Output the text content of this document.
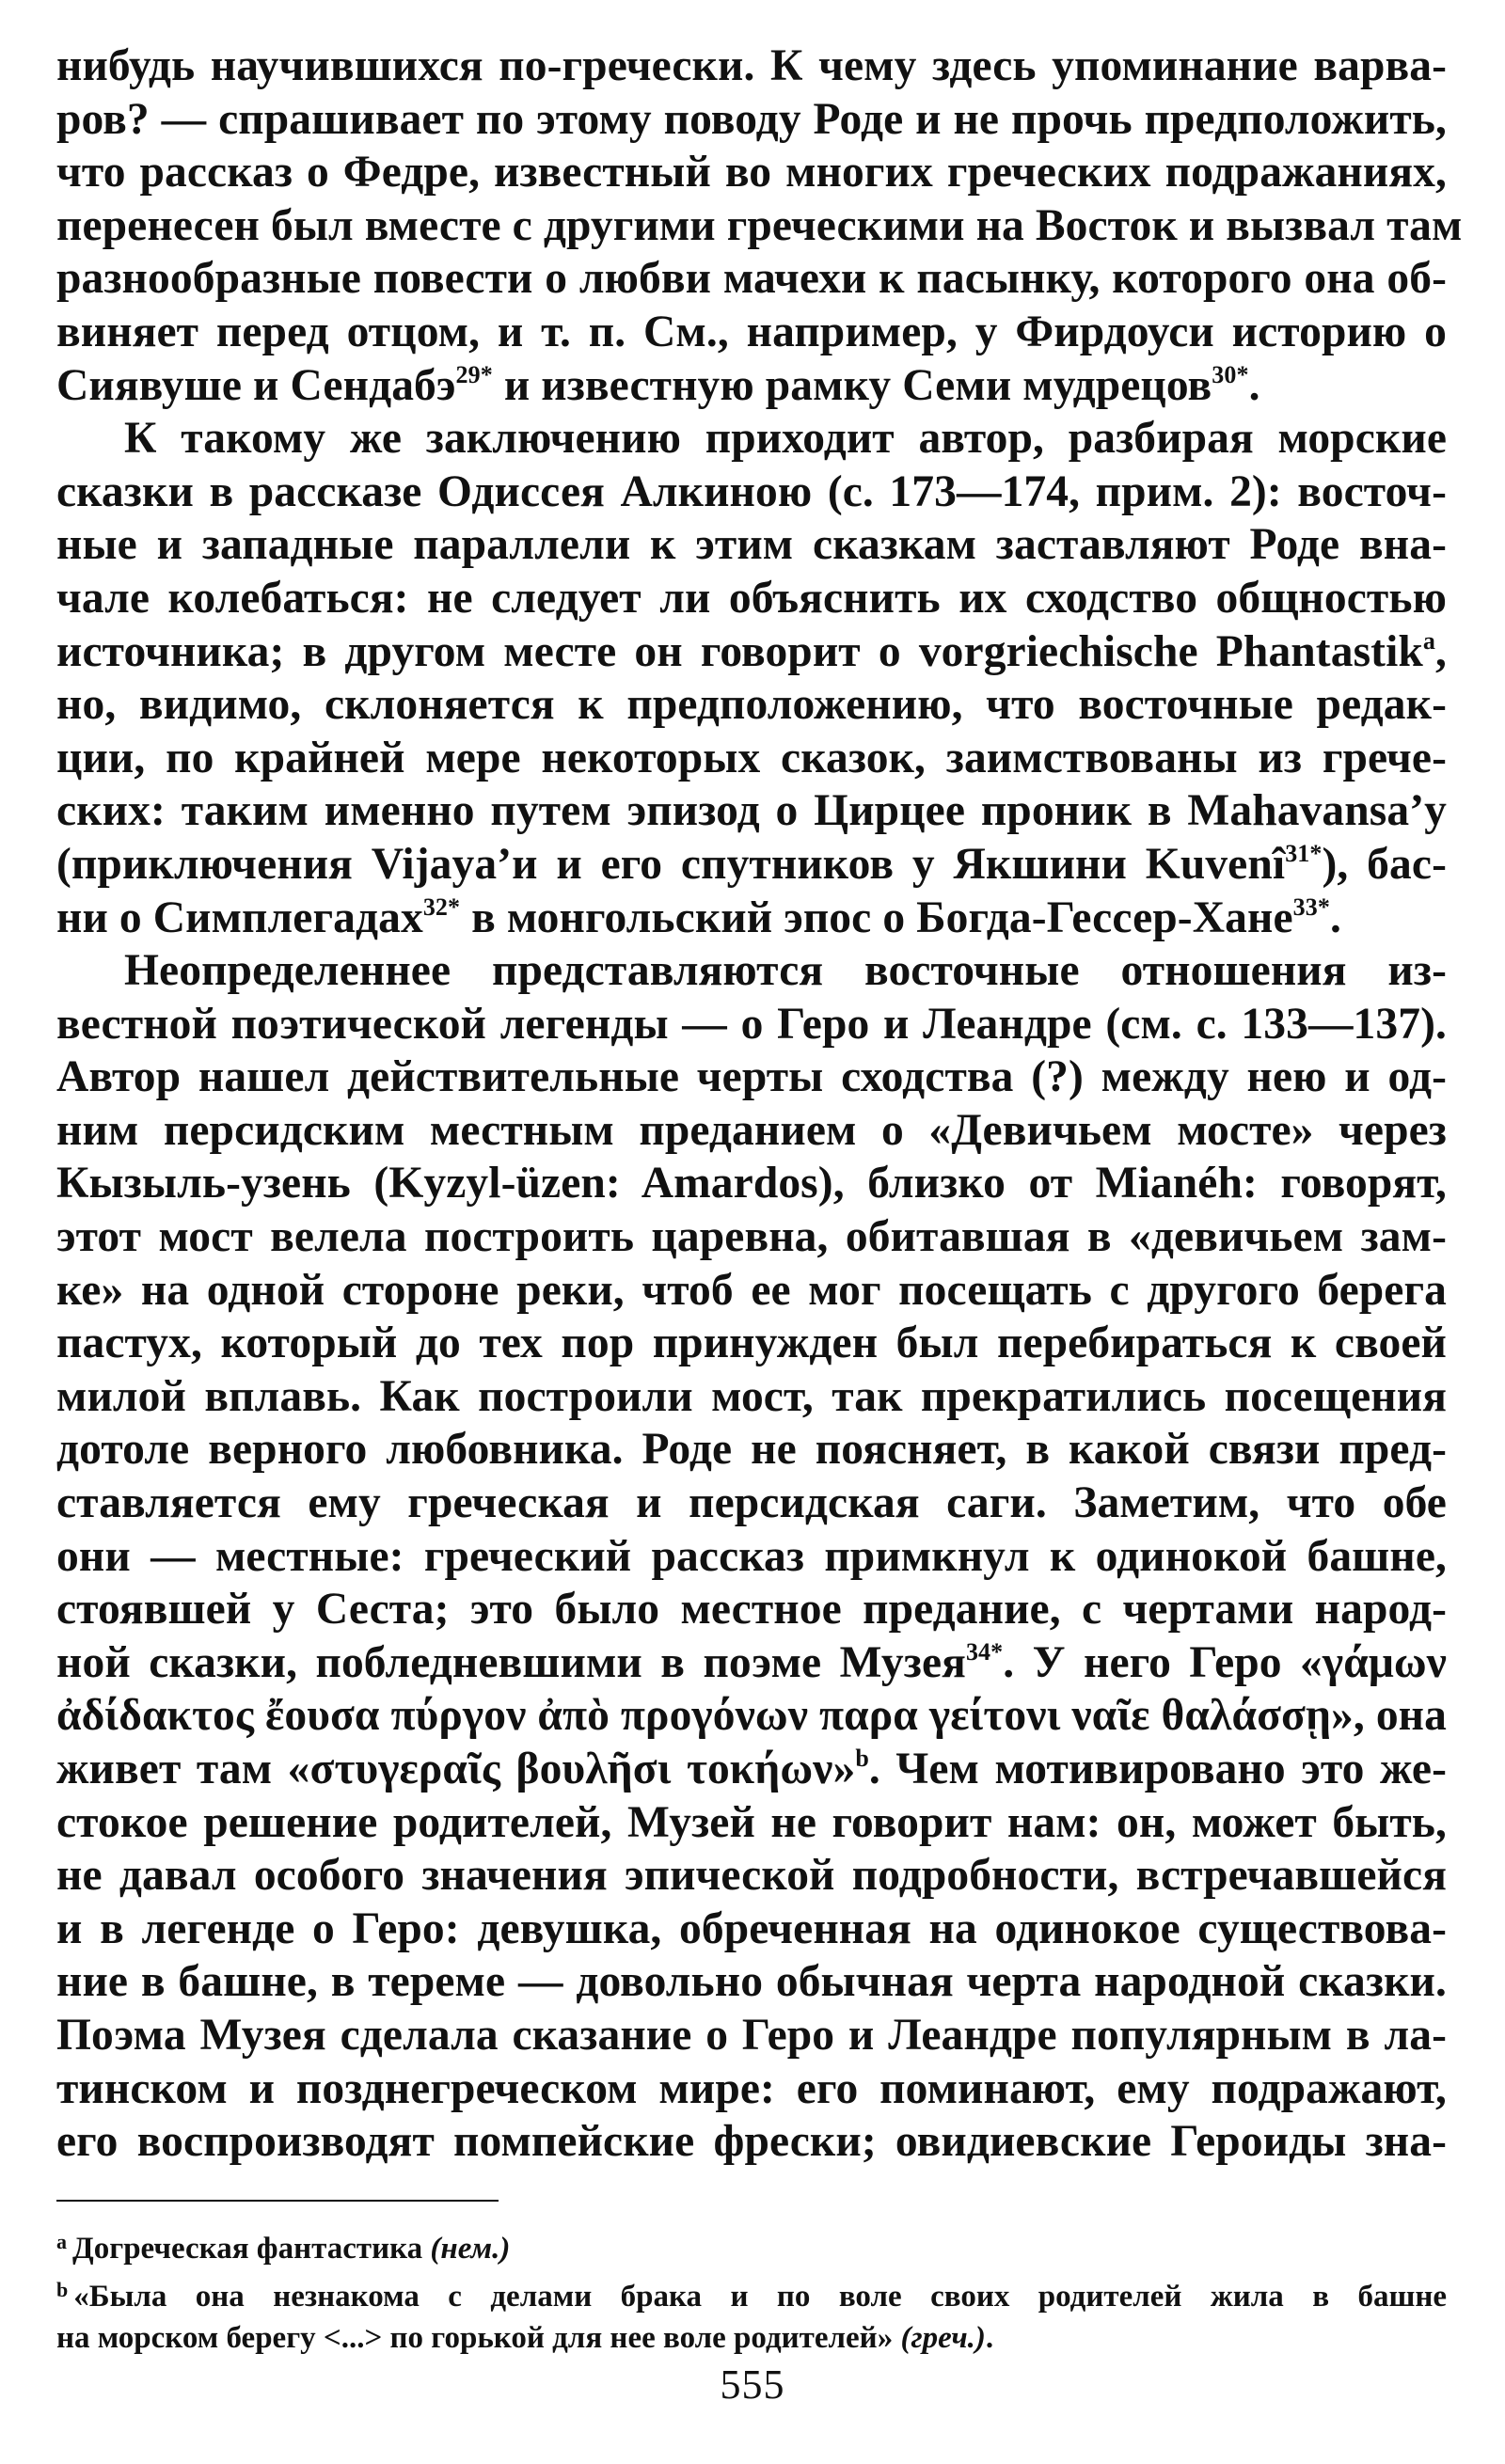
нибудь научившихся по-гречески. К чему здесь упоминание варва-
ров? — спрашивает по этому поводу Роде и не прочь предположить,
что рассказ о Федре, известный во многих греческих подражаниях,
перенесен был вместе с другими греческими на Восток и вызвал там
разнообразные повести о любви мачехи к пасынку, которого она об-
виняет перед отцом, и т. п. См., например, у Фирдоуси историю о
Сиявуше и Сендабэ$^{29*}$ и известную рамку Семи мудрецов$^{30*}$.
К такому же заключению приходит автор, разбирая морские
сказки в рассказе Одиссея Алкиною (с. 173—174, прим. 2): восточ-
ные и западные параллели к этим сказкам заставляют Роде вна-
чале колебаться: не следует ли объяснить их сходство общностью
источника; в другом месте он говорит о vorgriechische Phantastik$^a$,
но, видимо, склоняется к предположению, что восточные редак-
ции, по крайней мере некоторых сказок, заимствованы из грече-
ских: таким именно путем эпизод о Цирцее проник в Mahavansa’у
(приключения Vijaya’и и его спутников у Якшини Kuvenî$^{31*}$), бас-
ни о Симплегадах$^{32*}$ в монгольский эпос о Богда-Гессер-Хане$^{33*}$.
Неопределеннее представляются восточные отношения из-
вестной поэтической легенды — о Геро и Леандре (см. с. 133—137).
Автор нашел действительные черты сходства (?) между нею и од-
ним персидским местным преданием о «Девичьем мосте» через
Кызыль-узень (Kyzyl-üzen: Amardos), близко от Mianéh: говорят,
этот мост велела построить царевна, обитавшая в «девичьем зам-
ке» на одной стороне реки, чтоб ее мог посещать с другого берега
пастух, который до тех пор принужден был перебираться к своей
милой вплавь. Как построили мост, так прекратились посещения
дотоле верного любовника. Роде не поясняет, в какой связи пред-
ставляется ему греческая и персидская саги. Заметим, что обе
они — местные: греческий рассказ примкнул к одинокой башне,
стоявшей у Сеста; это было местное предание, с чертами народ-
ной сказки, побледневшими в поэме Музея$^{34*}$. У него Геро «γάμων
ἀδίδακτος ἔουσα πύργον ἀπὸ προγόνων παρα γείτονι ναῖε θαλάσσῃ», она
живет там «στυγεραῖς βουλῆσι τοκήων»$^b$. Чем мотивировано это же-
стокое решение родителей, Музей не говорит нам: он, может быть,
не давал особого значения эпической подробности, встречавшейся
и в легенде о Геро: девушка, обреченная на одинокое существова-
ние в башне, в тереме — довольно обычная черта народной сказки.
Поэма Музея сделала сказание о Геро и Леандре популярным в ла-
тинском и позднегреческом мире: его поминают, ему подражают,
его воспроизводят помпейские фрески; овидиевские Героиды зна-
$^a$ Догреческая фантастика (нем.)
$^b$ «Была она незнакома с делами брака и по воле своих родителей жила в башне
на морском берегу <...> по горькой для нее воле родителей» (греч.).
555
